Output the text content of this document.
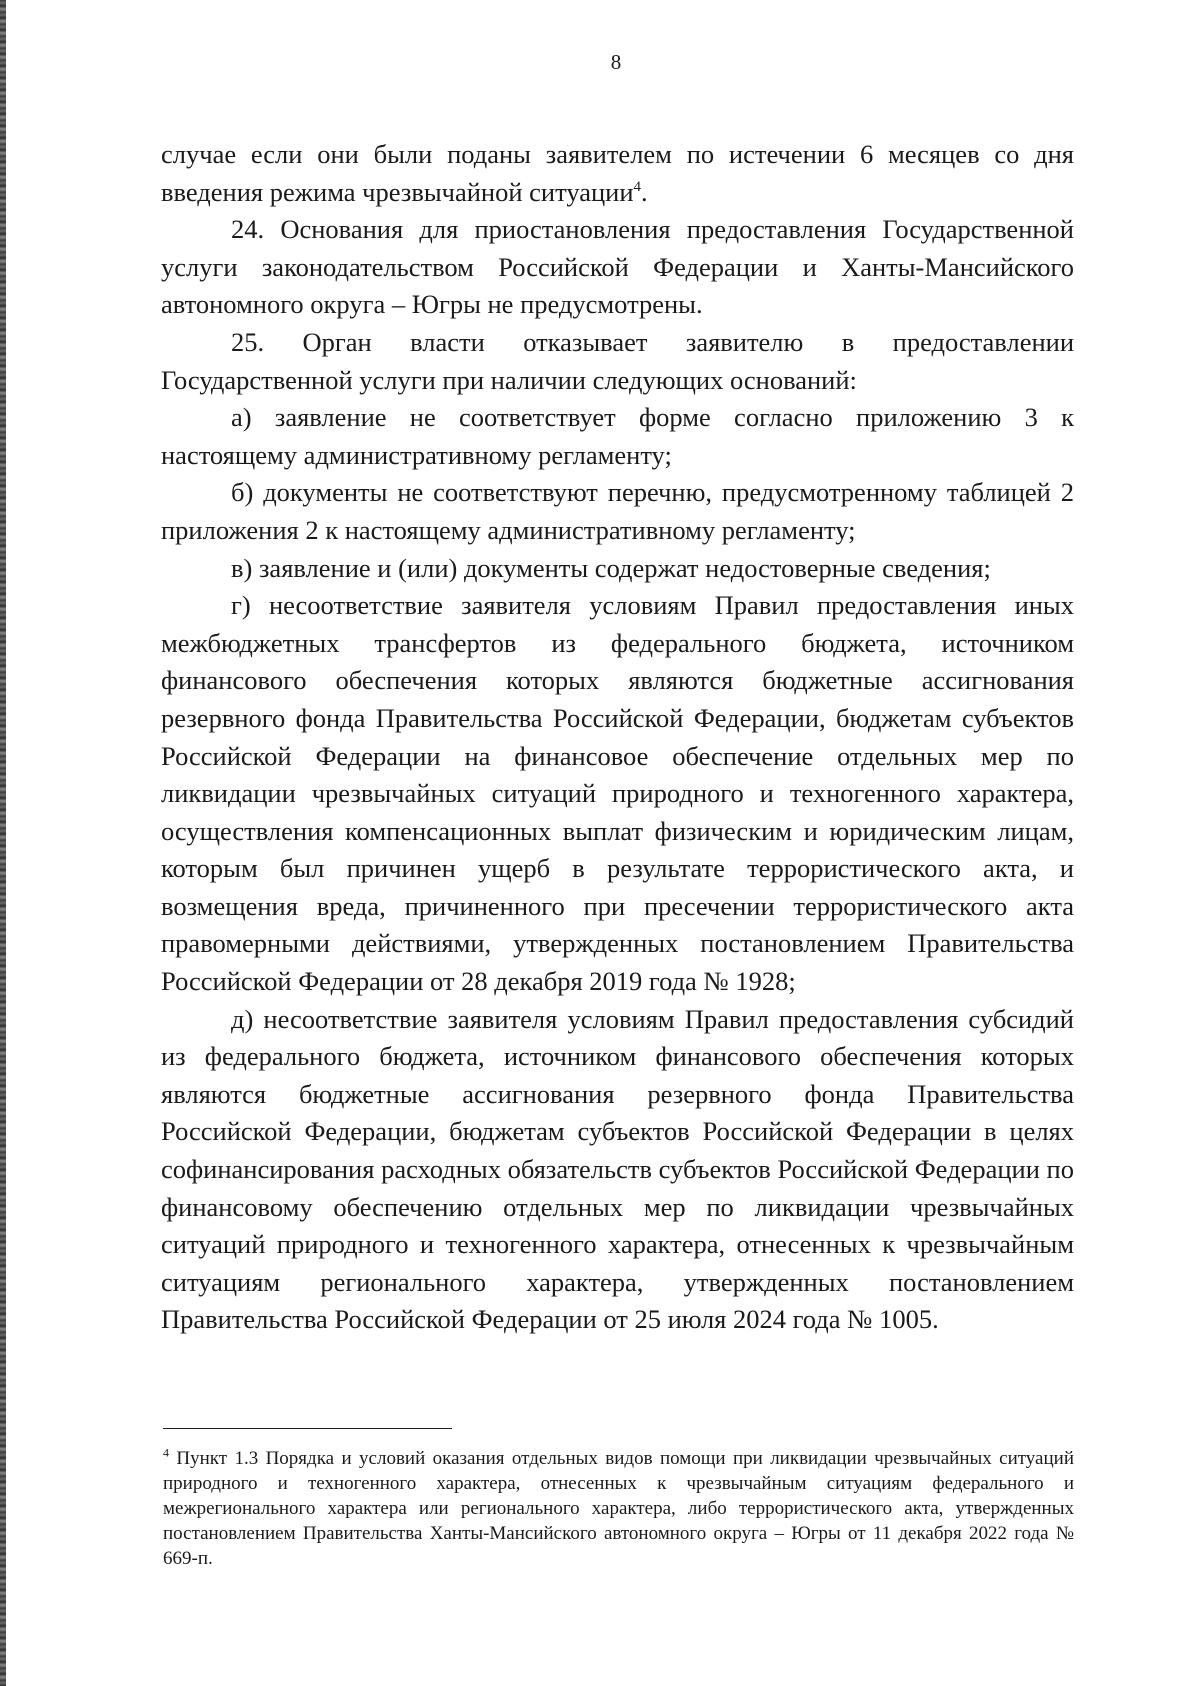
8

случае если они были поданы заявителем по истечении 6 месяцев со дня введения режима чрезвычайной ситуации$^4$.

24. Основания для приостановления предоставления Государственной услуги законодательством Российской Федерации и Ханты-Мансийского автономного округа – Югры не предусмотрены.

25. Орган власти отказывает заявителю в предоставлении Государственной услуги при наличии следующих оснований:

а) заявление не соответствует форме согласно приложению 3 к настоящему административному регламенту;

б) документы не соответствуют перечню, предусмотренному таблицей 2 приложения 2 к настоящему административному регламенту;

в) заявление и (или) документы содержат недостоверные сведения;

г) несоответствие заявителя условиям Правил предоставления иных межбюджетных трансфертов из федерального бюджета, источником финансового обеспечения которых являются бюджетные ассигнования резервного фонда Правительства Российской Федерации, бюджетам субъектов Российской Федерации на финансовое обеспечение отдельных мер по ликвидации чрезвычайных ситуаций природного и техногенного характера, осуществления компенсационных выплат физическим и юридическим лицам, которым был причинен ущерб в результате террористического акта, и возмещения вреда, причиненного при пресечении террористического акта правомерными действиями, утвержденных постановлением Правительства Российской Федерации от 28 декабря 2019 года № 1928;

д) несоответствие заявителя условиям Правил предоставления субсидий из федерального бюджета, источником финансового обеспечения которых являются бюджетные ассигнования резервного фонда Правительства Российской Федерации, бюджетам субъектов Российской Федерации в целях софинансирования расходных обязательств субъектов Российской Федерации по финансовому обеспечению отдельных мер по ликвидации чрезвычайных ситуаций природного и техногенного характера, отнесенных к чрезвычайным ситуациям регионального характера, утвержденных постановлением Правительства Российской Федерации от 25 июля 2024 года № 1005.

$^4$ Пункт 1.3 Порядка и условий оказания отдельных видов помощи при ликвидации чрезвычайных ситуаций природного и техногенного характера, отнесенных к чрезвычайным ситуациям федерального и межрегионального характера или регионального характера, либо террористического акта, утвержденных постановлением Правительства Ханты-Мансийского автономного округа – Югры от 11 декабря 2022 года № 669-п.
